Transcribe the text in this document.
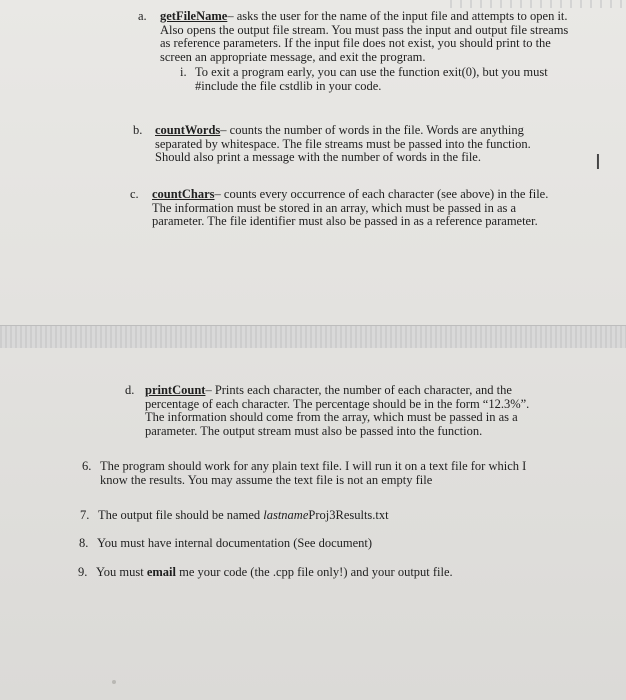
a. getFileName– asks the user for the name of the input file and attempts to open it.
Also opens the output file stream. You must pass the input and output file streams
as reference parameters. If the input file does not exist, you should print to the
screen an appropriate message, and exit the program.
i. To exit a program early, you can use the function exit(0), but you must
#include the file cstdlib in your code.
b. countWords– counts the number of words in the file. Words are anything
separated by whitespace. The file streams must be passed into the function.
Should also print a message with the number of words in the file.
c. countChars– counts every occurrence of each character (see above) in the file.
The information must be stored in an array, which must be passed in as a
parameter. The file identifier must also be passed in as a reference parameter.
I
d. printCount– Prints each character, the number of each character, and the
percentage of each character. The percentage should be in the form “12.3%”.
The information should come from the array, which must be passed in as a
parameter. The output stream must also be passed into the function.
6. The program should work for any plain text file. I will run it on a text file for which I
know the results. You may assume the text file is not an empty file
7. The output file should be named lastnameProj3Results.txt
8. You must have internal documentation (See document)
9. You must email me your code (the .cpp file only!) and your output file.
